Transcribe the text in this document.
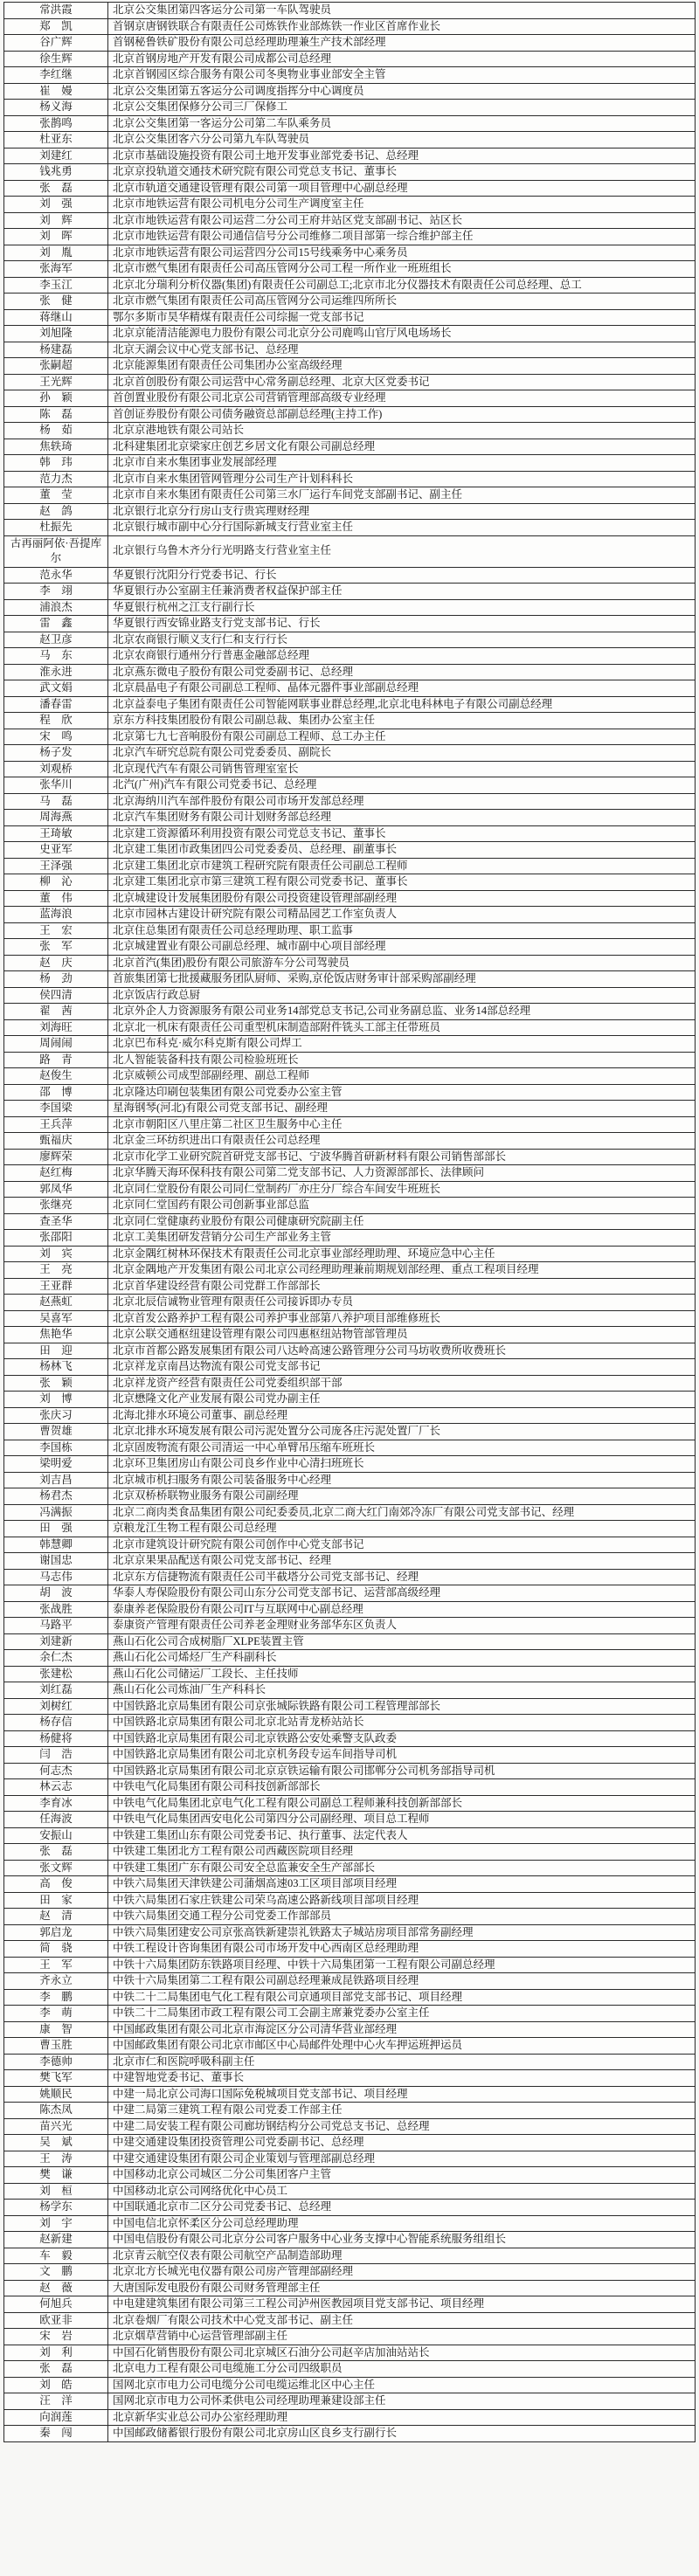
常洪霞	北京公交集团第四客运分公司第一车队驾驶员
郑　凯	首钢京唐钢铁联合有限责任公司炼铁作业部炼铁一作业区首席作业长
谷广辉	首钢秘鲁铁矿股份有限公司总经理助理兼生产技术部经理
徐生辉	北京首钢房地产开发有限公司成都公司总经理
李红继	北京首钢园区综合服务有限公司冬奥物业事业部安全主管
崔　嫚	北京公交集团第五客运分公司调度指挥分中心调度员
杨义海	北京公交集团保修分公司三厂保修工
张鹊鸣	北京公交集团第一客运分公司第二车队乘务员
杜亚东	北京公交集团客六分公司第九车队驾驶员
刘建红	北京市基础设施投资有限公司土地开发事业部党委书记、总经理
钱兆勇	北京京投轨道交通技术研究院有限公司党总支书记、董事长
张　磊	北京市轨道交通建设管理有限公司第一项目管理中心副总经理
刘　强	北京市地铁运营有限公司机电分公司生产调度室主任
刘　辉	北京市地铁运营有限公司运营二分公司王府井站区党支部副书记、站区长
刘　晖	北京市地铁运营有限公司通信信号分公司维修二项目部第一综合维护部主任
刘　胤	北京市地铁运营有限公司运营四分公司15号线乘务中心乘务员
张海军	北京市燃气集团有限责任公司高压管网分公司工程一所作业一班班组长
李玉江	北京北分瑞利分析仪器(集团)有限责任公司副总工;北京市北分仪器技术有限责任公司总经理、总工
张　健	北京市燃气集团有限责任公司高压管网分公司运维四所所长
蒋继山	鄂尔多斯市昊华精煤有限责任公司综掘一党支部书记
刘旭隆	北京京能清洁能源电力股份有限公司北京分公司鹿鸣山官厅风电场场长
杨建磊	北京天湖会议中心党支部书记、总经理
张嗣超	北京能源集团有限责任公司集团办公室高级经理
王光辉	北京首创股份有限公司运营中心常务副总经理、北京大区党委书记
孙　颖	首创置业股份有限公司北京公司营销管理部高级专业经理
陈　磊	首创证券股份有限公司债务融资总部副总经理(主持工作)
杨　茹	北京京港地铁有限公司站长
焦轶琦	北科建集团北京梁家庄创艺乡居文化有限公司副总经理
韩　玮	北京市自来水集团事业发展部经理
范力杰	北京市自来水集团管网管理分公司生产计划科科长
董　莹	北京市自来水集团有限责任公司第三水厂运行车间党支部副书记、副主任
赵　鸽	北京银行北京分行房山支行贵宾理财经理
杜振先	北京银行城市副中心分行国际新城支行营业室主任
古再丽阿依·吾提库尔	北京银行乌鲁木齐分行光明路支行营业室主任
范永华	华夏银行沈阳分行党委书记、行长
李　翊	华夏银行办公室副主任兼消费者权益保护部主任
浦浪杰	华夏银行杭州之江支行副行长
雷　鑫	华夏银行西安锦业路支行党支部书记、行长
赵卫彦	北京农商银行顺义支行仁和支行行长
马　东	北京农商银行通州分行普惠金融部总经理
淮永进	北京燕东微电子股份有限公司党委副书记、总经理
武文娟	北京晨晶电子有限公司副总工程师、晶体元器件事业部副总经理
潘春雷	北京益泰电子集团有限责任公司智能网联事业群总经理,北京北电科林电子有限公司副总经理
程　欣	京东方科技集团股份有限公司副总裁、集团办公室主任
宋　鸣	北京第七九七音响股份有限公司副总工程师、总工办主任
杨子发	北京汽车研究总院有限公司党委委员、副院长
刘观桥	北京现代汽车有限公司销售管理室室长
张华川	北汽(广州)汽车有限公司党委书记、总经理
马　磊	北京海纳川汽车部件股份有限公司市场开发部总经理
周海燕	北京汽车集团财务有限公司计划财务部总经理
王琦敏	北京建工资源循环利用投资有限公司党总支书记、董事长
史亚军	北京建工集团市政集团四公司党委委员、总经理、副董事长
王泽强	北京建工集团北京市建筑工程研究院有限责任公司副总工程师
柳　沁	北京建工集团北京市第三建筑工程有限公司党委书记、董事长
董　伟	北京城建设计发展集团股份有限公司投资建设管理部副经理
蓝海浪	北京市园林古建设计研究院有限公司精品园艺工作室负责人
王　宏	北京住总集团有限责任公司总经理助理、职工监事
张　军	北京城建置业有限公司副总经理、城市副中心项目部经理
赵　庆	北京首汽(集团)股份有限公司旅游车分公司驾驶员
杨　劲	首旅集团第七批援藏服务团队厨师、采购,京伦饭店财务审计部采购部副经理
侯四清	北京饭店行政总厨
翟　茜	北京外企人力资源服务有限公司业务14部党总支书记,公司业务副总监、业务14部总经理
刘海旺	北京北一机床有限责任公司重型机床制造部附件铣头工部主任带班员
周闹闹	北京巴布科克·威尔科克斯有限公司焊工
路　青	北人智能装备科技有限公司检验班班长
赵俊生	北京威顿公司成型部副经理、副总工程师
邵　博	北京隆达印刷包装集团有限公司党委办公室主管
李国梁	星海钢琴(河北)有限公司党支部书记、副经理
王兵萍	北京市朝阳区八里庄第二社区卫生服务中心主任
甄福庆	北京金三环纺织进出口有限责任公司总经理
廖辉荣	北京市化学工业研究院首研党支部书记、宁波华腾首研新材料有限公司销售部部长
赵红梅	北京华腾天海环保科技有限公司第二党支部书记、人力资源部部长、法律顾问
郭凤华	北京同仁堂股份有限公司同仁堂制药厂亦庄分厂综合车间安牛班班长
张继亮	北京同仁堂国药有限公司创新事业部总监
查圣华	北京同仁堂健康药业股份有限公司健康研究院副主任
张邵阳	北京工美集团研发营销分公司生产部业务主管
刘　宾	北京金隅红树林环保技术有限责任公司北京事业部经理助理、环境应急中心主任
王　亮	北京金隅地产开发集团有限公司北京公司经理助理兼前期规划部经理、重点工程项目经理
王亚群	北京首华建设经营有限公司党群工作部部长
赵燕虹	北京北辰信诚物业管理有限责任公司接诉即办专员
吴喜军	北京首发公路养护工程有限公司养护事业部第八养护项目部维修班长
焦艳华	北京公联交通枢纽建设管理有限公司四惠枢纽站物管部管理员
田　迎	北京市首都公路发展集团有限公司八达岭高速公路管理分公司马坊收费所收费班长
杨林飞	北京祥龙京南昌达物流有限公司党支部书记
张　颖	北京祥龙资产经营有限责任公司党委组织部干部
刘　博	北京懋隆文化产业发展有限公司党办副主任
张庆习	北海北排水环境公司董事、副总经理
曹贺雄	北京北排水环境发展有限公司污泥处置分公司庞各庄污泥处置厂厂长
李国栋	北京固废物流有限公司清运一中心单臂吊压缩车班班长
梁明爱	北京环卫集团房山有限公司良乡作业中心清扫班班长
刘吉昌	北京城市机扫服务有限公司装备服务中心经理
杨君杰	北京双桥桥联物业服务有限公司副经理
冯满振	北京二商肉类食品集团有限公司纪委委员,北京二商大红门南郊冷冻厂有限公司党支部书记、经理
田　强	京粮龙江生物工程有限公司总经理
韩慧卿	北京市建筑设计研究院有限公司创作中心党支部书记
谢国忠	北京京果果品配送有限公司党支部书记、经理
马志伟	北京东方信捷物流有限责任公司半截塔分公司党支部书记、经理
胡　波	华泰人寿保险股份有限公司山东分公司党支部书记、运营部高级经理
张战胜	泰康养老保险股份有限公司IT与互联网中心副总经理
马路平	泰康资产管理有限责任公司养老金理财业务部华东区负责人
刘建新	燕山石化公司合成树脂厂XLPE装置主管
余仁杰	燕山石化公司烯烃厂生产科副科长
张建松	燕山石化公司储运厂工段长、主任技师
刘红磊	燕山石化公司炼油厂生产科科长
刘树红	中国铁路北京局集团有限公司京张城际铁路有限公司工程管理部部长
杨存信	中国铁路北京局集团有限公司北京北站青龙桥站站长
杨健将	中国铁路北京局集团有限公司北京铁路公安处乘警支队政委
闫　浩	中国铁路北京局集团有限公司北京机务段专运车间指导司机
何志杰	中国铁路北京局集团有限公司北京京铁运输有限公司邯郸分公司机务部指导司机
林云志	中铁电气化局集团有限公司科技创新部部长
李育冰	中铁电气化局集团北京电气化工程有限公司副总工程师兼科技创新部部长
任海波	中铁电气化局集团西安电化公司第四分公司副经理、项目总工程师
安振山	中铁建工集团山东有限公司党委书记、执行董事、法定代表人
张　磊	中铁建工集团北方工程有限公司西藏医院项目经理
张文辉	中铁建工集团广东有限公司安全总监兼安全生产部部长
高　俊	中铁六局集团天津铁建公司蒲烟高速03工区项目部项目经理
田　家	中铁六局集团石家庄铁建公司荣乌高速公路新线项目部项目经理
赵　清	中铁六局集团交通工程分公司党委工作部部员
郭启龙	中铁六局集团建安公司京张高铁新建崇礼铁路太子城站房项目部常务副经理
简　骁	中铁工程设计咨询集团有限公司市场开发中心西南区总经理助理
王　军	中铁十六局集团防东铁路项目经理、中铁十六局集团第一工程有限公司副总经理
齐永立	中铁十六局集团第二工程有限公司副总经理兼成昆铁路项目经理
李　鹏	中铁二十二局集团电气化工程有限公司京通项目部党支部书记、项目经理
李　萌	中铁二十二局集团市政工程有限公司工会副主席兼党委办公室主任
康　智	中国邮政集团有限公司北京市海淀区分公司清华营业部经理
曹玉胜	中国邮政集团有限公司北京市邮区中心局邮件处理中心火车押运班押运员
李德帅	北京市仁和医院呼吸科副主任
樊飞军	中建智地党委书记、董事长
姚顺民	中建一局北京公司海口国际免税城项目党支部书记、项目经理
陈杰凤	中建二局第三建筑工程有限公司党委工作部主任
苗兴光	中建二局安装工程有限公司廊坊钢结构分公司党总支书记、总经理
吴　斌	中建交通建设集团投资管理公司党委副书记、总经理
王　涛	中建交通建设集团有限公司企业策划与管理部副总经理
樊　谦	中国移动北京公司城区二分公司集团客户主管
刘　桓	中国移动北京公司网络优化中心员工
杨学东	中国联通北京市二区分公司党委书记、总经理
刘　宇	中国电信北京怀柔区分公司总经理助理
赵新建	中国电信股份有限公司北京分公司客户服务中心业务支撑中心智能系统服务组组长
车　毅	北京青云航空仪表有限公司航空产品制造部助理
文　鹏	北京北方长城光电仪器有限公司房产管理部副经理
赵　薇	大唐国际发电股份有限公司财务管理部主任
何旭兵	中电建建筑集团有限公司第三工程公司泸州医教园项目党支部书记、项目经理
欧亚非	北京卷烟厂有限公司技术中心党支部书记、副主任
宋　岩	北京烟草营销中心运营管理部副主任
刘　利	中国石化销售股份有限公司北京城区石油分公司赵辛店加油站站长
张　磊	北京电力工程有限公司电缆施工分公司四级职员
刘　皓	国网北京市电力公司电缆分公司电缆运维北区中心主任
汪　洋	国网北京市电力公司怀柔供电公司经理助理兼建设部主任
向润莲	北京新华实业总公司办公室经理助理
秦　闯	中国邮政储蓄银行股份有限公司北京房山区良乡支行副行长
